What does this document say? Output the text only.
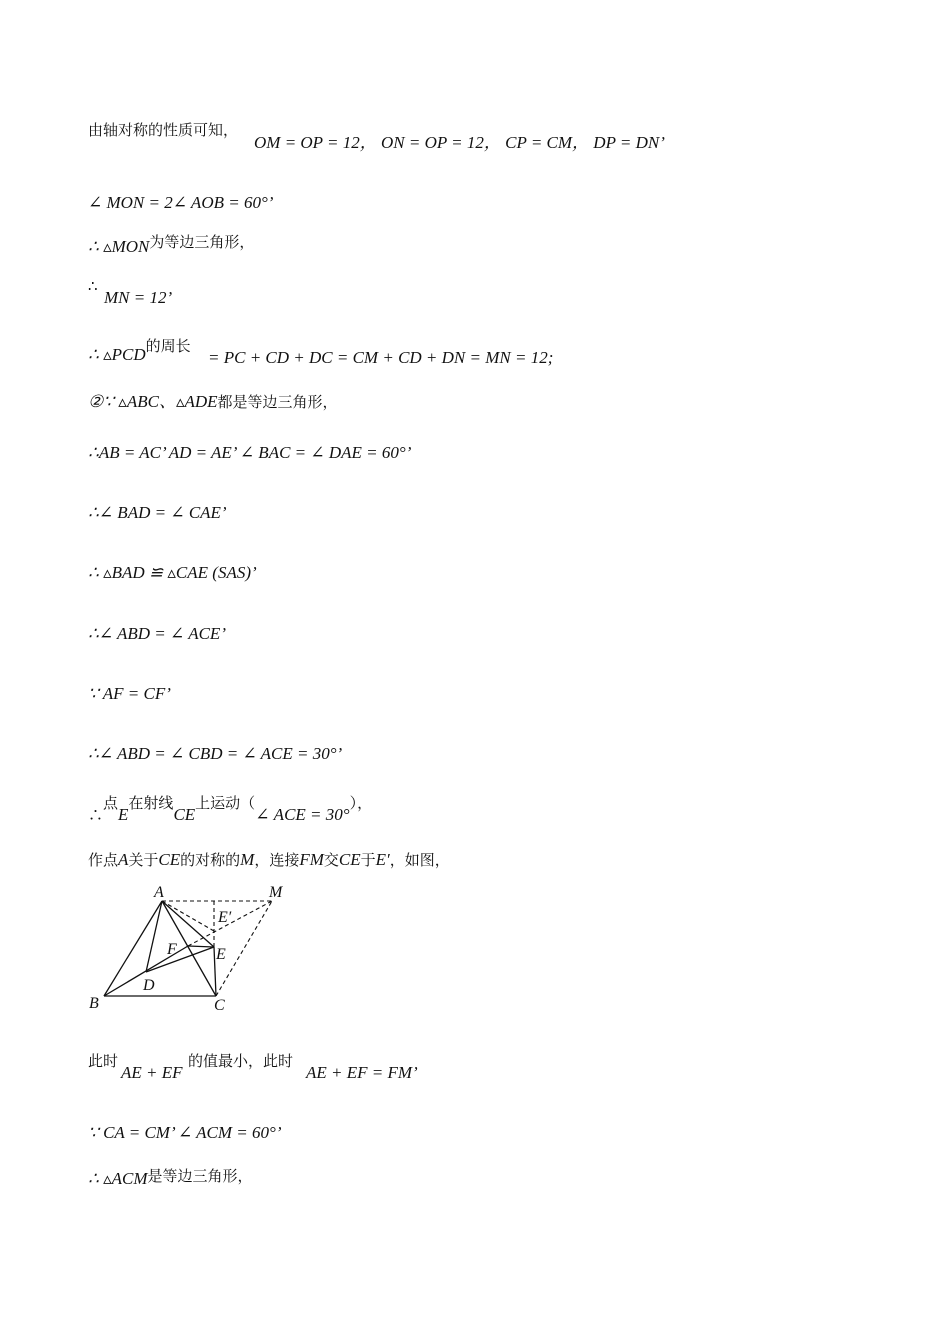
由轴对称的性质可知，
OM = OP = 12， ON = OP = 12， CP = CM， DP = DN’
∠ MON = 2∠ AOB = 60°’
∴ ▵MON为等边三角形，
∴
MN = 12’
∴ ▵PCD的周长
= PC + CD + DC = CM + CD + DN = MN = 12;
②∵ ▵ABC、▵ADE都是等边三角形，
∴AB = AC’ AD = AE’ ∠ BAC = ∠ DAE = 60°’
∴∠ BAD = ∠ CAE’
∴ ▵BAD ≌ ▵CAE (SAS)’
∴∠ ABD = ∠ ACE’
∵ AF = CF’
∴∠ ABD = ∠ CBD = ∠ ACE = 30°’
∴点E在射线CE上运动（∠ ACE = 30°），
作点A关于CE的对称的M，连接FM交CE于E′，如图，
A	M
E′
F E
D
B	C
此时
AE + EF
的值最小，此时
AE + EF = FM’
∵ CA = CM’ ∠ ACM = 60°’
∴ ▵ACM是等边三角形，
